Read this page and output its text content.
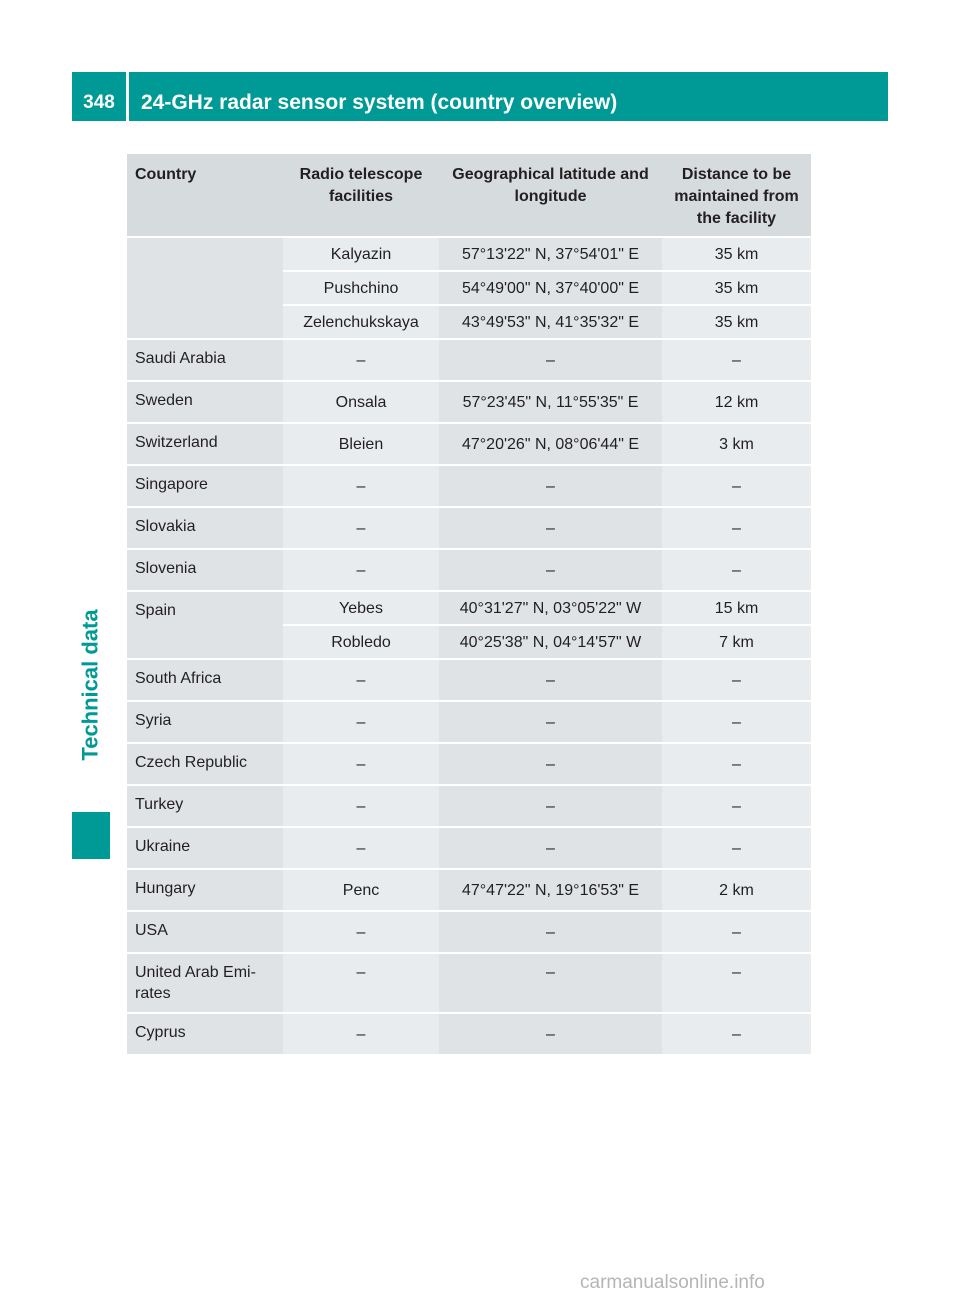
348	24-GHz radar sensor system (country overview)
Technical data
Country	Radio telescope facilities	Geographical latitude and longitude	Distance to be maintained from the facility
	Kalyazin	57°13'22" N, 37°54'01" E	35 km
	Pushchino	54°49'00" N, 37°40'00" E	35 km
	Zelenchukskaya	43°49'53" N, 41°35'32" E	35 km
Saudi Arabia	–	–	–
Sweden	Onsala	57°23'45" N, 11°55'35" E	12 km
Switzerland	Bleien	47°20'26" N, 08°06'44" E	3 km
Singapore	–	–	–
Slovakia	–	–	–
Slovenia	–	–	–
Spain	Yebes	40°31'27" N, 03°05'22" W	15 km
	Robledo	40°25'38" N, 04°14'57" W	7 km
South Africa	–	–	–
Syria	–	–	–
Czech Republic	–	–	–
Turkey	–	–	–
Ukraine	–	–	–
Hungary	Penc	47°47'22" N, 19°16'53" E	2 km
USA	–	–	–
United Arab Emi-
rates	–	–	–
Cyprus	–	–	–
carmanualsonline.info
